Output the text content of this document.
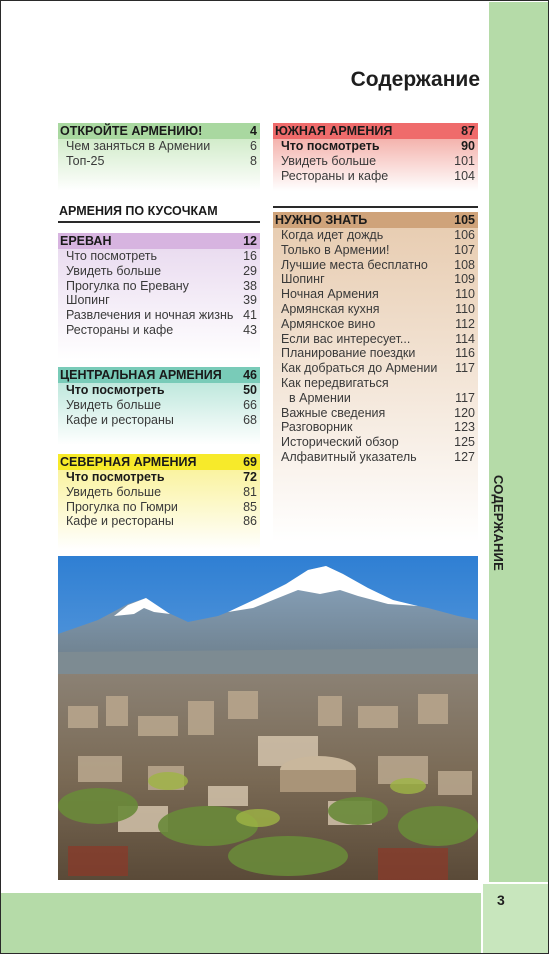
СОДЕРЖАНИЕ
3
Содержание
ОТКРОЙТЕ АРМЕНИЮ!	4
Чем заняться в Армении	6
Топ-25	8
АРМЕНИЯ ПО КУСОЧКАМ
ЕРЕВАН	12
Что посмотреть	16
Увидеть больше	29
Прогулка по Еревану	38
Шопинг	39
Развлечения и ночная жизнь 41
Рестораны и кафе	43
ЦЕНТРАЛЬНАЯ АРМЕНИЯ 46
Что посмотреть	50
Увидеть больше	66
Кафе и рестораны	68
СЕВЕРНАЯ АРМЕНИЯ	69
Что посмотреть	72
Увидеть больше	81
Прогулка по Гюмри	85
Кафе и рестораны	86
ЮЖНАЯ АРМЕНИЯ	87
Что посмотреть	90
Увидеть больше	101
Рестораны и кафе	104
НУЖНО ЗНАТЬ	105
Когда идет дождь	106
Только в Армении!	107
Лучшие места бесплатно 108
Шопинг	109
Ночная Армения	110
Армянская кухня	110
Армянское вино	112
Если вас интересует...	114
Планирование поездки	116
Как добраться до Армении 117
Как передвигаться
в Армении	117
Важные сведения	120
Разговорник	123
Исторический обзор	125
Алфавитный указатель	127
